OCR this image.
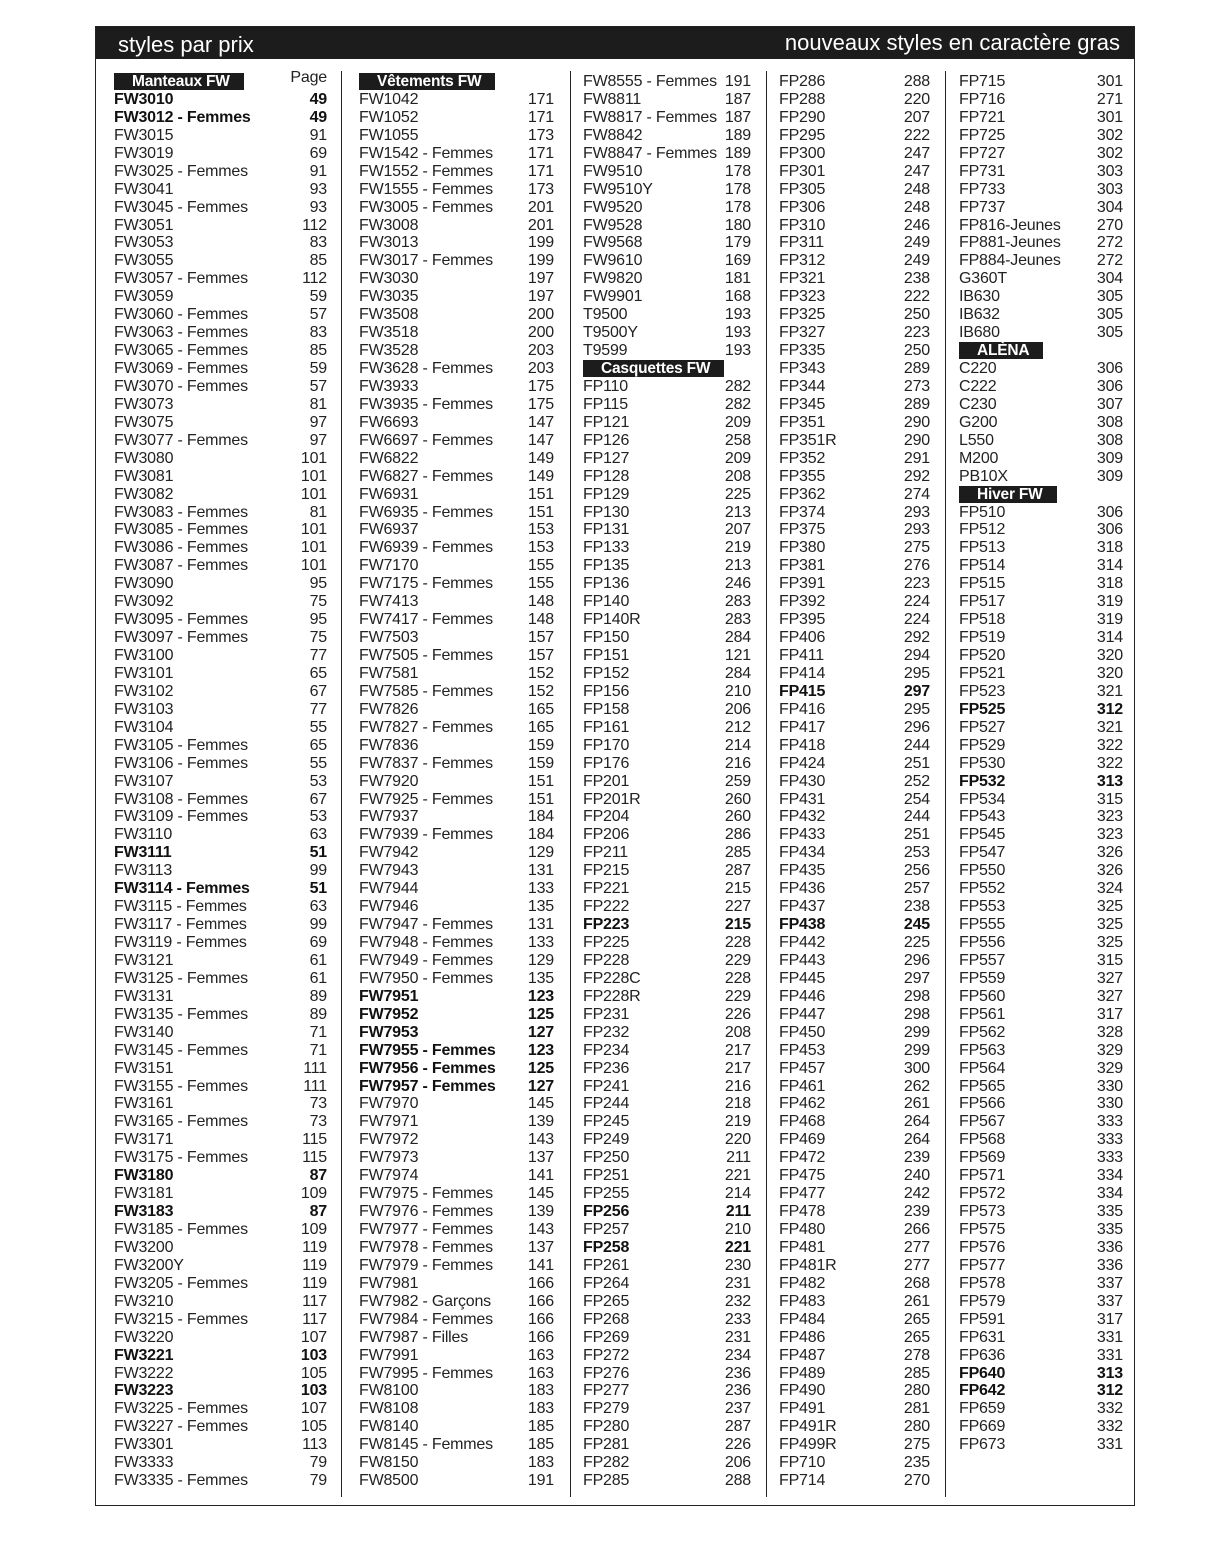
styles par prix	nouveaux styles en caractère gras
Manteaux FW	Page
FW3010	49
FW3012 - Femmes	49
FW3015	91
FW3019	69
FW3025 - Femmes	91
FW3041	93
FW3045 - Femmes	93
FW3051	112
FW3053	83
FW3055	85
FW3057 - Femmes	112
FW3059	59
FW3060 - Femmes	57
FW3063 - Femmes	83
FW3065 - Femmes	85
FW3069 - Femmes	59
FW3070 - Femmes	57
FW3073	81
FW3075	97
FW3077 - Femmes	97
FW3080	101
FW3081	101
FW3082	101
FW3083 - Femmes	81
FW3085 - Femmes	101
FW3086 - Femmes	101
FW3087 - Femmes	101
FW3090	95
FW3092	75
FW3095 - Femmes	95
FW3097 - Femmes	75
FW3100	77
FW3101	65
FW3102	67
FW3103	77
FW3104	55
FW3105 - Femmes	65
FW3106 - Femmes	55
FW3107	53
FW3108 - Femmes	67
FW3109 - Femmes	53
FW3110	63
FW3111	51
FW3113	99
FW3114 - Femmes	51
FW3115 - Femmes	63
FW3117 - Femmes	99
FW3119 - Femmes	69
FW3121	61
FW3125 - Femmes	61
FW3131	89
FW3135 - Femmes	89
FW3140	71
FW3145 - Femmes	71
FW3151	111
FW3155 - Femmes	111
FW3161	73
FW3165 - Femmes	73
FW3171	115
FW3175 - Femmes	115
FW3180	87
FW3181	109
FW3183	87
FW3185 - Femmes	109
FW3200	119
FW3200Y	119
FW3205 - Femmes	119
FW3210	117
FW3215 - Femmes	117
FW3220	107
FW3221	103
FW3222	105
FW3223	103
FW3225 - Femmes	107
FW3227 - Femmes	105
FW3301	113
FW3333	79
FW3335 - Femmes	79
Vêtements FW
FW1042	171
FW1052	171
FW1055	173
FW1542 - Femmes 171
FW1552 - Femmes 171
FW1555 - Femmes 173
FW3005 - Femmes 201
FW3008	201
FW3013	199
FW3017 - Femmes 199
FW3030	197
FW3035	197
FW3508	200
FW3518	200
FW3528	203
FW3628 - Femmes 203
FW3933	175
FW3935 - Femmes 175
FW6693	147
FW6697 - Femmes 147
FW6822	149
FW6827 - Femmes 149
FW6931	151
FW6935 - Femmes 151
FW6937	153
FW6939 - Femmes 153
FW7170	155
FW7175 - Femmes 155
FW7413	148
FW7417 - Femmes 148
FW7503	157
FW7505 - Femmes 157
FW7581	152
FW7585 - Femmes 152
FW7826	165
FW7827 - Femmes 165
FW7836	159
FW7837 - Femmes 159
FW7920	151
FW7925 - Femmes 151
FW7937	184
FW7939 - Femmes 184
FW7942	129
FW7943	131
FW7944	133
FW7946	135
FW7947 - Femmes 131
FW7948 - Femmes 133
FW7949 - Femmes 129
FW7950 - Femmes 135
FW7951	123
FW7952	125
FW7953	127
FW7955 - Femmes 123
FW7956 - Femmes 125
FW7957 - Femmes 127
FW7970	145
FW7971	139
FW7972	143
FW7973	137
FW7974	141
FW7975 - Femmes 145
FW7976 - Femmes 139
FW7977 - Femmes 143
FW7978 - Femmes 137
FW7979 - Femmes 141
FW7981	166
FW7982 - Garçons 166
FW7984 - Femmes 166
FW7987 - Filles	166
FW7991	163
FW7995 - Femmes 163
FW8100	183
FW8108	183
FW8140	185
FW8145 - Femmes 185
FW8150	183
FW8500	191
FW8555 - Femmes 191
FW8811	187
FW8817 - Femmes 187
FW8842	189
FW8847 - Femmes 189
FW9510	178
FW9510Y	178
FW9520	178
FW9528	180
FW9568	179
FW9610	169
FW9820	181
FW9901	168
T9500	193
T9500Y	193
T9599	193
Casquettes FW
FP110	282
FP115	282
FP121	209
FP126	258
FP127	209
FP128	208
FP129	225
FP130	213
FP131	207
FP133	219
FP135	213
FP136	246
FP140	283
FP140R	283
FP150	284
FP151	121
FP152	284
FP156	210
FP158	206
FP161	212
FP170	214
FP176	216
FP201	259
FP201R	260
FP204	260
FP206	286
FP211	285
FP215	287
FP221	215
FP222	227
FP223	215
FP225	228
FP228	229
FP228C	228
FP228R	229
FP231	226
FP232	208
FP234	217
FP236	217
FP241	216
FP244	218
FP245	219
FP249	220
FP250	211
FP251	221
FP255	214
FP256	211
FP257	210
FP258	221
FP261	230
FP264	231
FP265	232
FP268	233
FP269	231
FP272	234
FP276	236
FP277	236
FP279	237
FP280	287
FP281	226
FP282	206
FP285	288
FP286	288
FP288	220
FP290	207
FP295	222
FP300	247
FP301	247
FP305	248
FP306	248
FP310	246
FP311	249
FP312	249
FP321	238
FP323	222
FP325	250
FP327	223
FP335	250
FP343	289
FP344	273
FP345	289
FP351	290
FP351R	290
FP352	291
FP355	292
FP362	274
FP374	293
FP375	293
FP380	275
FP381	276
FP391	223
FP392	224
FP395	224
FP406	292
FP411	294
FP414	295
FP415	297
FP416	295
FP417	296
FP418	244
FP424	251
FP430	252
FP431	254
FP432	244
FP433	251
FP434	253
FP435	256
FP436	257
FP437	238
FP438	245
FP442	225
FP443	296
FP445	297
FP446	298
FP447	298
FP450	299
FP453	299
FP457	300
FP461	262
FP462	261
FP468	264
FP469	264
FP472	239
FP475	240
FP477	242
FP478	239
FP480	266
FP481	277
FP481R	277
FP482	268
FP483	261
FP484	265
FP486	265
FP487	278
FP489	285
FP490	280
FP491	281
FP491R	280
FP499R	275
FP710	235
FP714	270
FP715	301
FP716	271
FP721	301
FP725	302
FP727	302
FP731	303
FP733	303
FP737	304
FP816-Jeunes 270
FP881-Jeunes 272
FP884-Jeunes 272
G360T	304
IB630	305
IB632	305
IB680	305
ALÈNA
C220	306
C222	306
C230	307
G200	308
L550	308
M200	309
PB10X	309
Hiver FW
FP510	306
FP512	306
FP513	318
FP514	314
FP515	318
FP517	319
FP518	319
FP519	314
FP520	320
FP521	320
FP523	321
FP525	312
FP527	321
FP529	322
FP530	322
FP532	313
FP534	315
FP543	323
FP545	323
FP547	326
FP550	326
FP552	324
FP553	325
FP555	325
FP556	325
FP557	315
FP559	327
FP560	327
FP561	317
FP562	328
FP563	329
FP564	329
FP565	330
FP566	330
FP567	333
FP568	333
FP569	333
FP571	334
FP572	334
FP573	335
FP575	335
FP576	336
FP577	336
FP578	337
FP579	337
FP591	317
FP631	331
FP636	331
FP640	313
FP642	312
FP659	332
FP669	332
FP673	331
